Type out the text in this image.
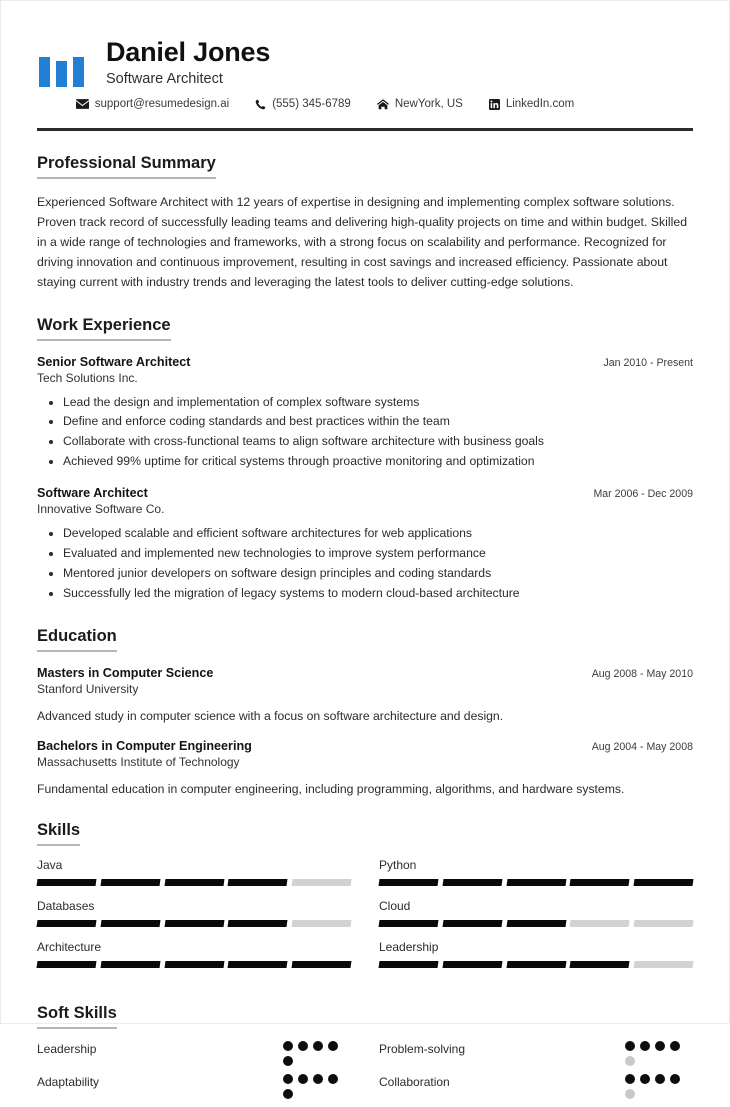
Daniel Jones
Software Architect
support@resumedesign.ai	(555) 345-6789	NewYork, US	LinkedIn.com
Professional Summary
Experienced Software Architect with 12 years of expertise in designing and implementing complex software solutions. Proven track record of successfully leading teams and delivering high-quality projects on time and within budget. Skilled in a wide range of technologies and frameworks, with a strong focus on scalability and performance. Recognized for driving innovation and continuous improvement, resulting in cost savings and increased efficiency. Passionate about staying current with industry trends and leveraging the latest tools to deliver cutting-edge solutions.
Work Experience
Senior Software Architect	Jan 2010 - Present
Tech Solutions Inc.
• Lead the design and implementation of complex software systems
• Define and enforce coding standards and best practices within the team
• Collaborate with cross-functional teams to align software architecture with business goals
• Achieved 99% uptime for critical systems through proactive monitoring and optimization
Software Architect	Mar 2006 - Dec 2009
Innovative Software Co.
• Developed scalable and efficient software architectures for web applications
• Evaluated and implemented new technologies to improve system performance
• Mentored junior developers on software design principles and coding standards
• Successfully led the migration of legacy systems to modern cloud-based architecture
Education
Masters in Computer Science	Aug 2008 - May 2010
Stanford University
Advanced study in computer science with a focus on software architecture and design.
Bachelors in Computer Engineering	Aug 2004 - May 2008
Massachusetts Institute of Technology
Fundamental education in computer engineering, including programming, algorithms, and hardware systems.
Skills
Java	Python
Databases	Cloud
Architecture	Leadership
Soft Skills
Leadership	Problem-solving
Adaptability	Collaboration
